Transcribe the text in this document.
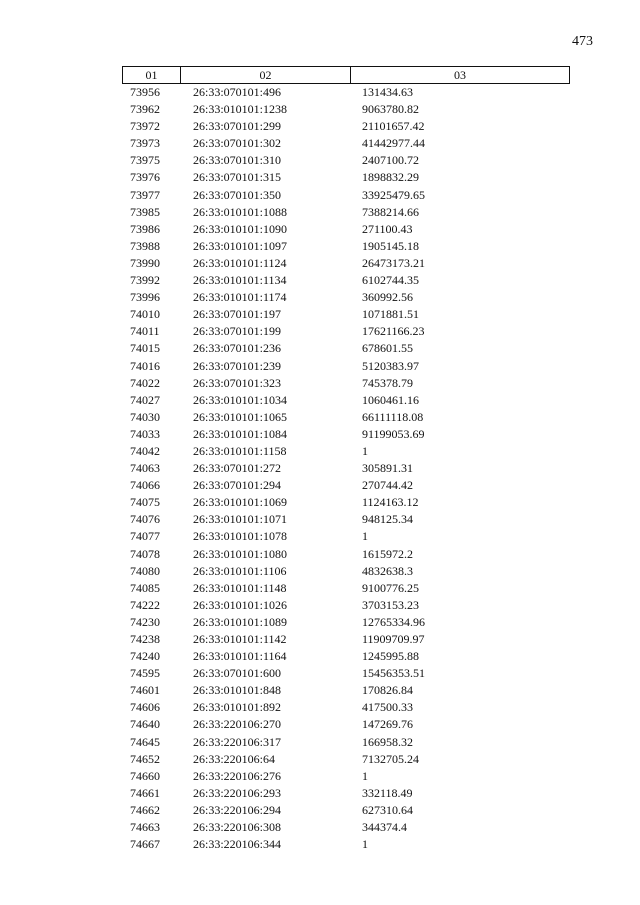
473
01	02	03
73956	26:33:070101:496	131434.63
73962	26:33:010101:1238	9063780.82
73972	26:33:070101:299	21101657.42
73973	26:33:070101:302	41442977.44
73975	26:33:070101:310	2407100.72
73976	26:33:070101:315	1898832.29
73977	26:33:070101:350	33925479.65
73985	26:33:010101:1088	7388214.66
73986	26:33:010101:1090	271100.43
73988	26:33:010101:1097	1905145.18
73990	26:33:010101:1124	26473173.21
73992	26:33:010101:1134	6102744.35
73996	26:33:010101:1174	360992.56
74010	26:33:070101:197	1071881.51
74011	26:33:070101:199	17621166.23
74015	26:33:070101:236	678601.55
74016	26:33:070101:239	5120383.97
74022	26:33:070101:323	745378.79
74027	26:33:010101:1034	1060461.16
74030	26:33:010101:1065	66111118.08
74033	26:33:010101:1084	91199053.69
74042	26:33:010101:1158	1
74063	26:33:070101:272	305891.31
74066	26:33:070101:294	270744.42
74075	26:33:010101:1069	1124163.12
74076	26:33:010101:1071	948125.34
74077	26:33:010101:1078	1
74078	26:33:010101:1080	1615972.2
74080	26:33:010101:1106	4832638.3
74085	26:33:010101:1148	9100776.25
74222	26:33:010101:1026	3703153.23
74230	26:33:010101:1089	12765334.96
74238	26:33:010101:1142	11909709.97
74240	26:33:010101:1164	1245995.88
74595	26:33:070101:600	15456353.51
74601	26:33:010101:848	170826.84
74606	26:33:010101:892	417500.33
74640	26:33:220106:270	147269.76
74645	26:33:220106:317	166958.32
74652	26:33:220106:64	7132705.24
74660	26:33:220106:276	1
74661	26:33:220106:293	332118.49
74662	26:33:220106:294	627310.64
74663	26:33:220106:308	344374.4
74667	26:33:220106:344	1
